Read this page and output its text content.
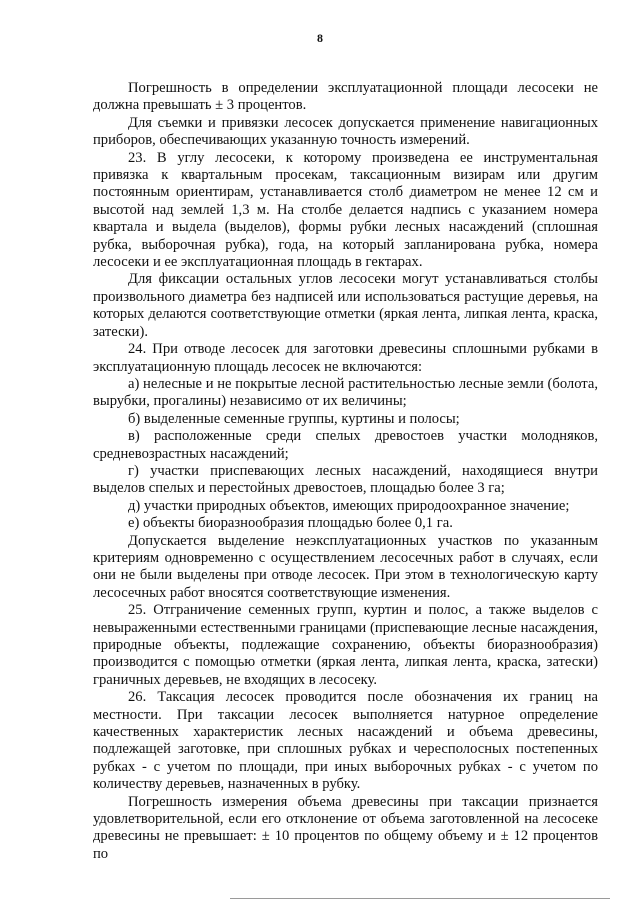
8

Погрешность в определении эксплуатационной площади лесосеки не должна превышать ± 3 процентов.

Для съемки и привязки лесосек допускается применение навигационных приборов, обеспечивающих указанную точность измерений.

23. В углу лесосеки, к которому произведена ее инструментальная привязка к квартальным просекам, таксационным визирам или другим постоянным ориентирам, устанавливается столб диаметром не менее 12 см и высотой над землей 1,3 м. На столбе делается надпись с указанием номера квартала и выдела (выделов), формы рубки лесных насаждений (сплошная рубка, выборочная рубка), года, на который запланирована рубка, номера лесосеки и ее эксплуатационная площадь в гектарах.

Для фиксации остальных углов лесосеки могут устанавливаться столбы произвольного диаметра без надписей или использоваться растущие деревья, на которых делаются соответствующие отметки (яркая лента, липкая лента, краска, затески).

24. При отводе лесосек для заготовки древесины сплошными рубками в эксплуатационную площадь лесосек не включаются:

а) нелесные и не покрытые лесной растительностью лесные земли (болота, вырубки, прогалины) независимо от их величины;

б) выделенные семенные группы, куртины и полосы;

в) расположенные среди спелых древостоев участки молодняков, средневозрастных насаждений;

г) участки приспевающих лесных насаждений, находящиеся внутри выделов спелых и перестойных древостоев, площадью более 3 га;

д) участки природных объектов, имеющих природоохранное значение;

е) объекты биоразнообразия площадью более 0,1 га.

Допускается выделение неэксплуатационных участков по указанным критериям одновременно с осуществлением лесосечных работ в случаях, если они не были выделены при отводе лесосек. При этом в технологическую карту лесосечных работ вносятся соответствующие изменения.

25. Отграничение семенных групп, куртин и полос, а также выделов с невыраженными естественными границами (приспевающие лесные насаждения, природные объекты, подлежащие сохранению, объекты биоразнообразия) производится с помощью отметки (яркая лента, липкая лента, краска, затески) граничных деревьев, не входящих в лесосеку.

26. Таксация лесосек проводится после обозначения их границ на местности. При таксации лесосек выполняется натурное определение качественных характеристик лесных насаждений и объема древесины, подлежащей заготовке, при сплошных рубках и чересполосных постепенных рубках - с учетом по площади, при иных выборочных рубках - с учетом по количеству деревьев, назначенных в рубку.

Погрешность измерения объема древесины при таксации признается удовлетворительной, если его отклонение от объема заготовленной на лесосеке древесины не превышает: ± 10 процентов по общему объему и ± 12 процентов по
